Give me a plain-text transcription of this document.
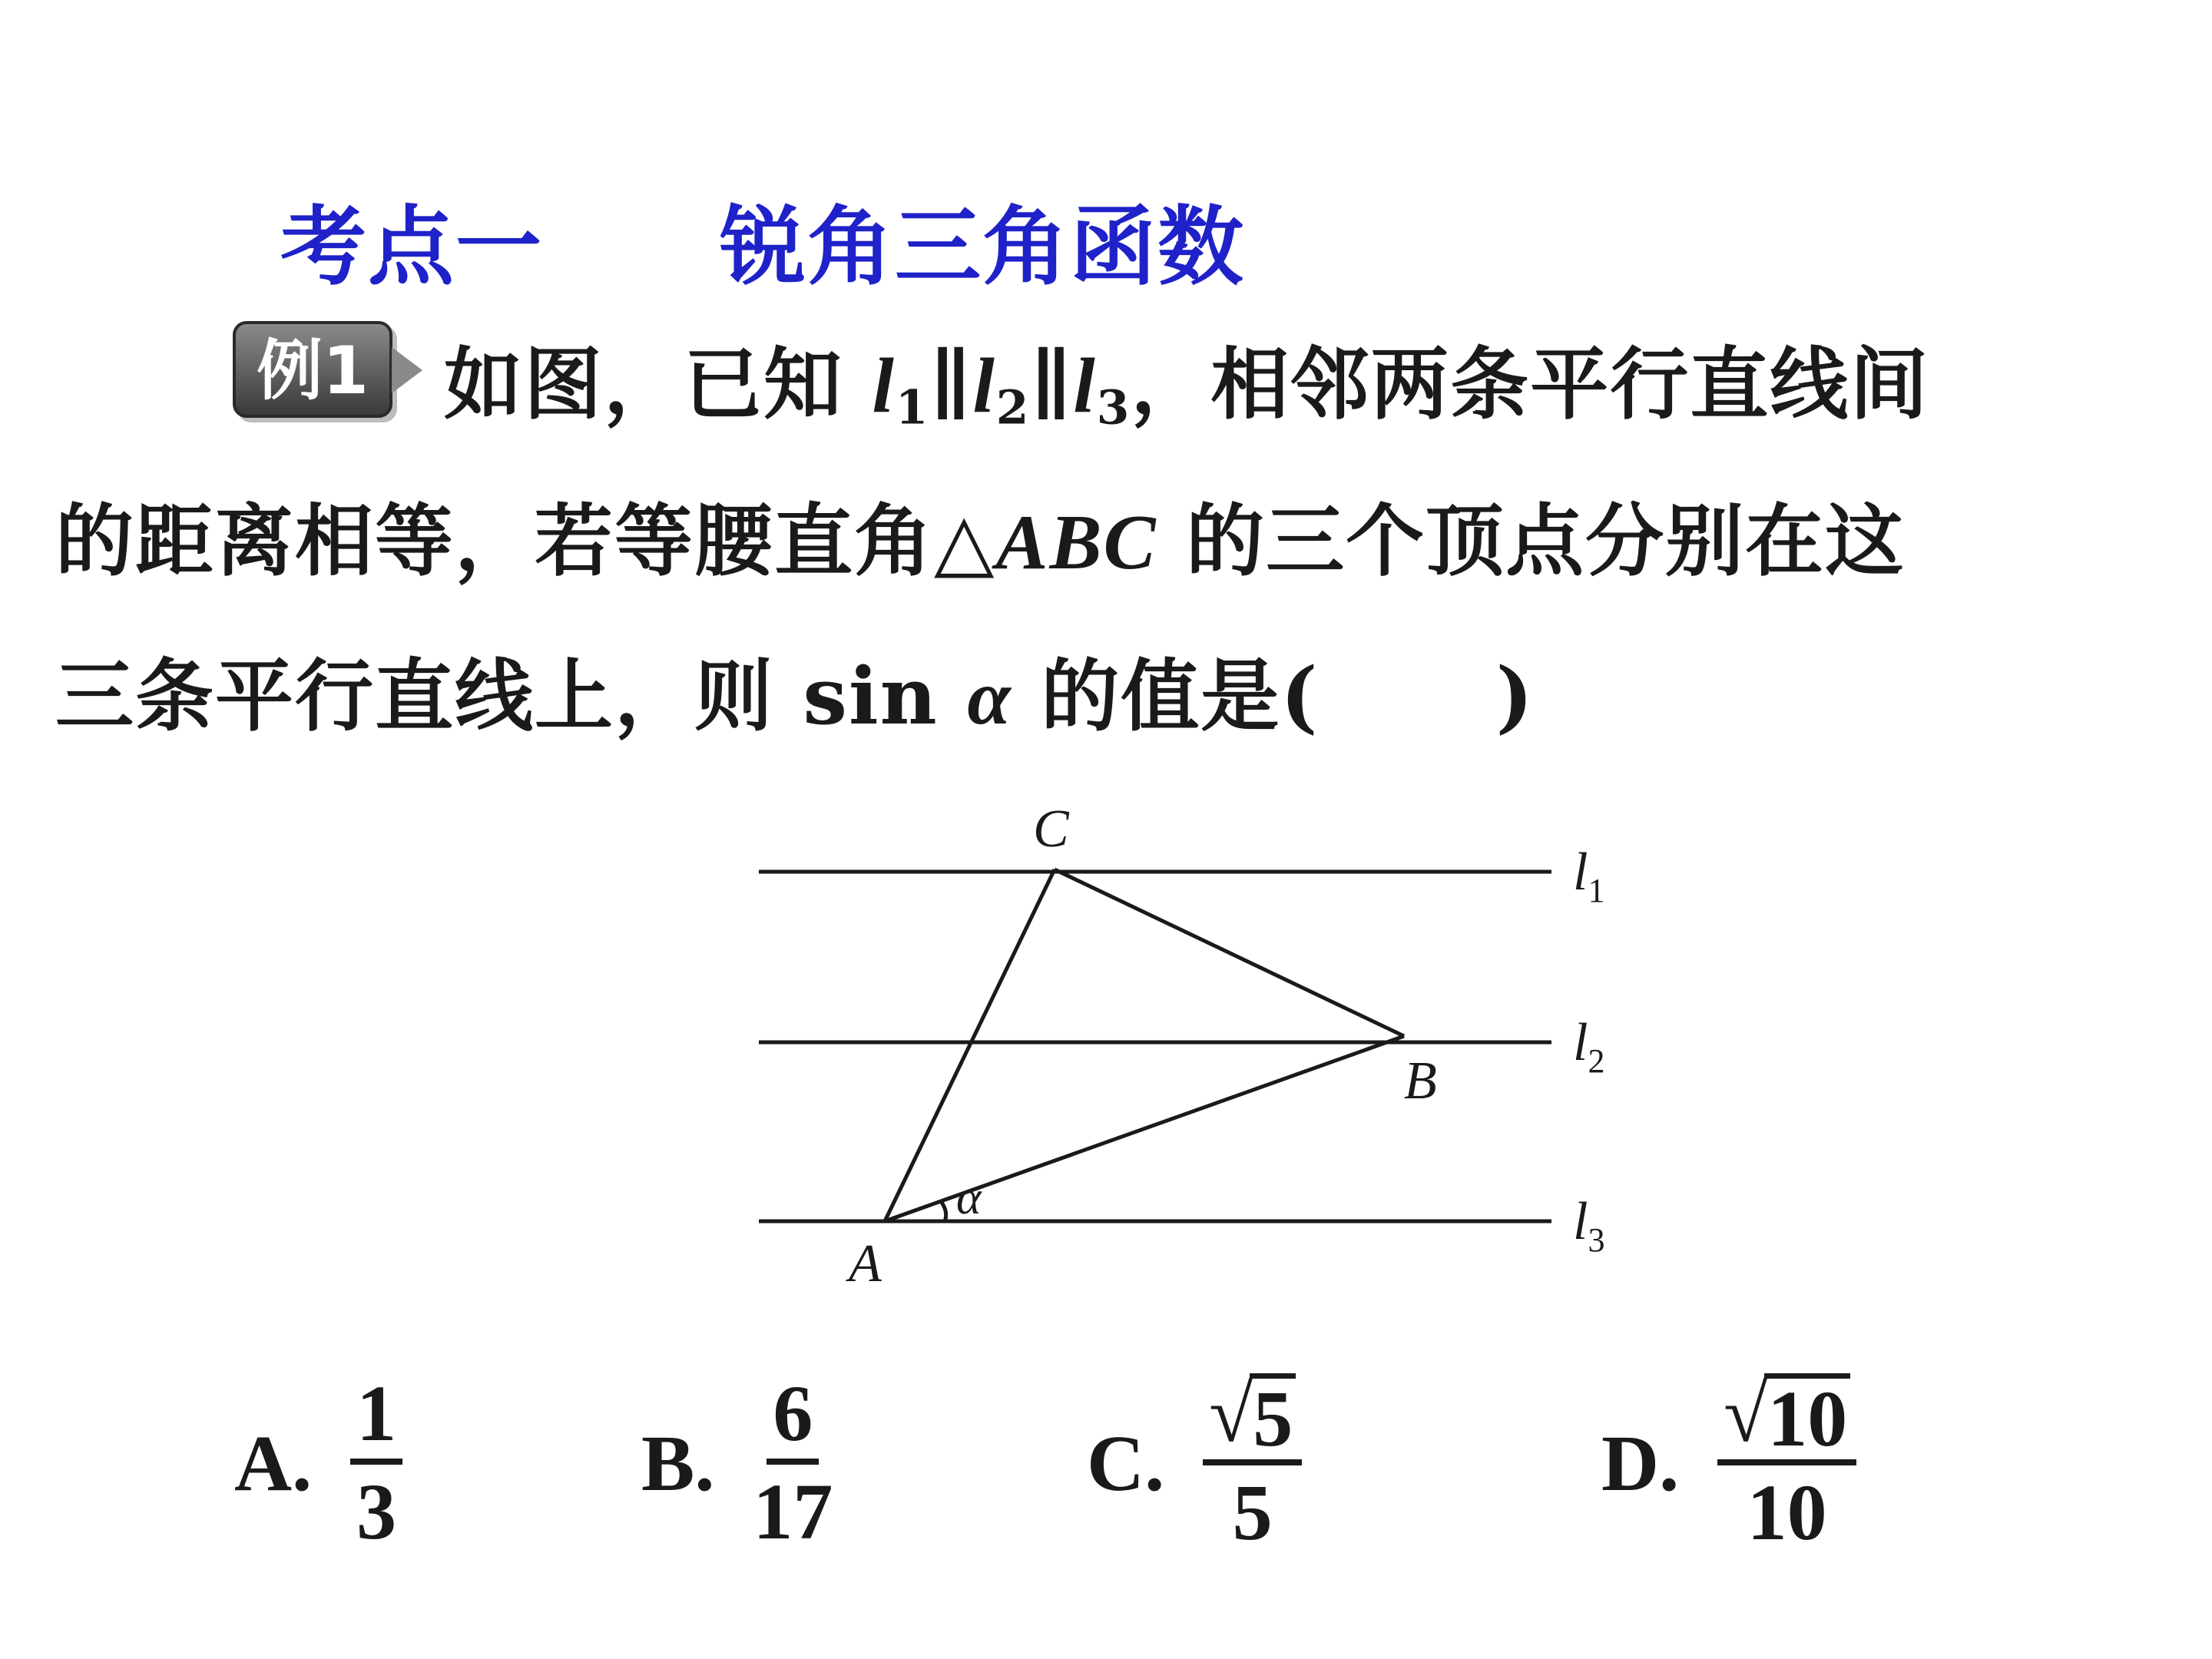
考点一 锐角三角函数
例1 如图，已知 $l_1\parallel l_2\parallel l_3$，相邻两条平行直线间
的距离相等，若等腰直角△ABC 的三个顶点分别在这
三条平行直线上，则 sin α 的值是( )
C
B
A
α
$l_1$
$l_2$
$l_3$
A. $\frac{1}{3}$	B. $\frac{6}{17}$	C. $\frac{√ 5}{5}$	D. $\frac{√ 10}{10}$
